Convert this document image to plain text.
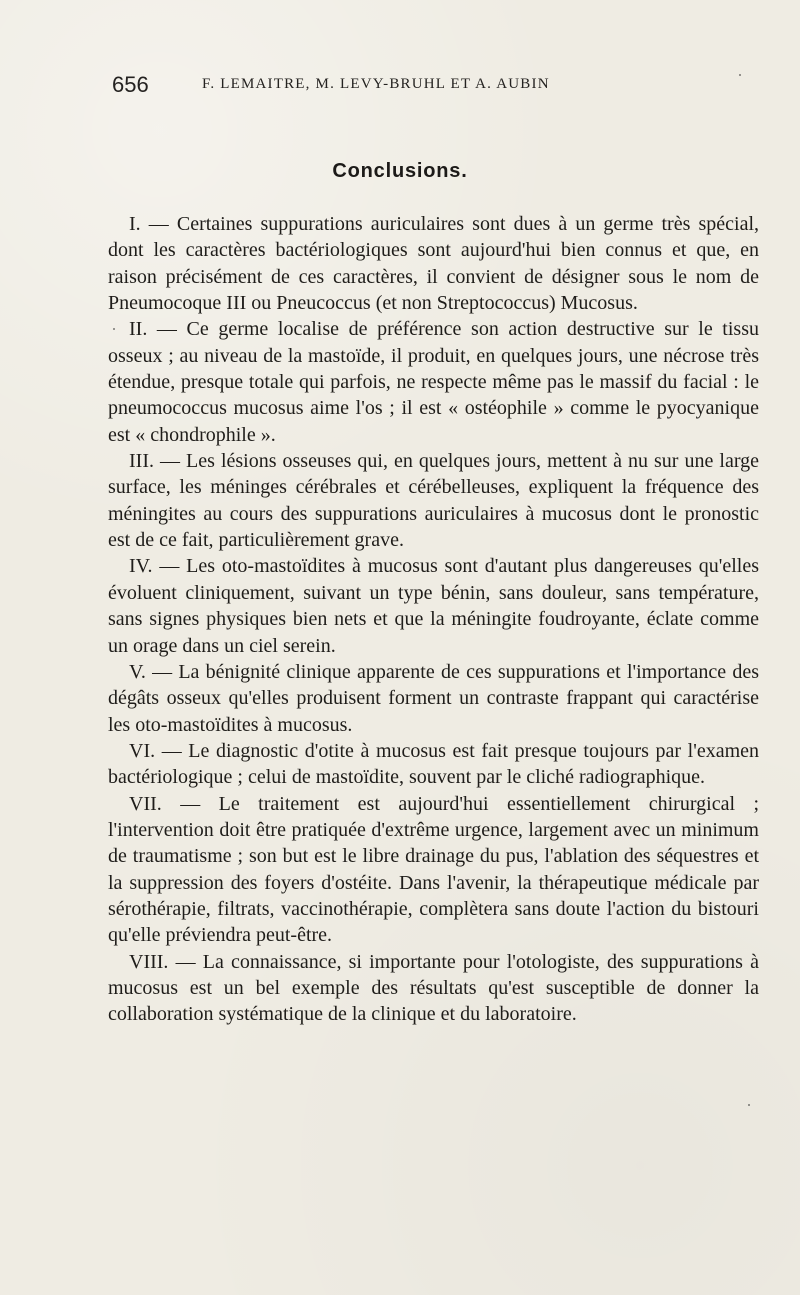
656	F. LEMAITRE, M. LEVY-BRUHL ET A. AUBIN
Conclusions.

I. — Certaines suppurations auriculaires sont dues à un germe très spécial, dont les caractères bactériologiques sont aujourd'hui bien connus et que, en raison précisément de ces caractères, il convient de désigner sous le nom de Pneumocoque III ou Pneucoccus (et non Streptococcus) Mucosus.

II. — Ce germe localise de préférence son action destructive sur le tissu osseux ; au niveau de la mastoïde, il produit, en quelques jours, une nécrose très étendue, presque totale qui parfois, ne respecte même pas le massif du facial : le pneumococcus mucosus aime l'os ; il est « ostéophile » comme le pyocyanique est « chondrophile ».

III. — Les lésions osseuses qui, en quelques jours, mettent à nu sur une large surface, les méninges cérébrales et cérébelleuses, expliquent la fréquence des méningites au cours des suppurations auriculaires à mucosus dont le pronostic est de ce fait, particulièrement grave.

IV. — Les oto-mastoïdites à mucosus sont d'autant plus dangereuses qu'elles évoluent cliniquement, suivant un type bénin, sans douleur, sans température, sans signes physiques bien nets et que la méningite foudroyante, éclate comme un orage dans un ciel serein.

V. — La bénignité clinique apparente de ces suppurations et l'importance des dégâts osseux qu'elles produisent forment un contraste frappant qui caractérise les oto-mastoïdites à mucosus.

VI. — Le diagnostic d'otite à mucosus est fait presque toujours par l'examen bactériologique ; celui de mastoïdite, souvent par le cliché radiographique.

VII. — Le traitement est aujourd'hui essentiellement chirurgical ; l'intervention doit être pratiquée d'extrême urgence, largement avec un minimum de traumatisme ; son but est le libre drainage du pus, l'ablation des séquestres et la suppression des foyers d'ostéite. Dans l'avenir, la thérapeutique médicale par sérothérapie, filtrats, vaccinothérapie, complètera sans doute l'action du bistouri qu'elle préviendra peut-être.

VIII. — La connaissance, si importante pour l'otologiste, des suppurations à mucosus est un bel exemple des résultats qu'est susceptible de donner la collaboration systématique de la clinique et du laboratoire.
